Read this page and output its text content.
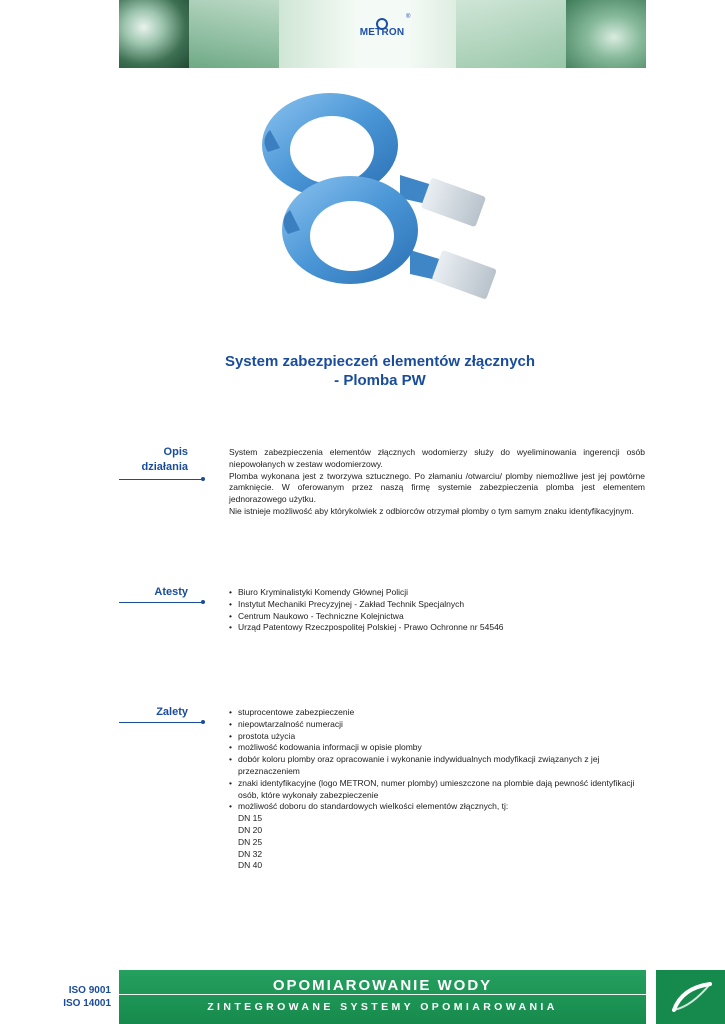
METRON
®
System zabezpieczeń elementów złącznych
- Plomba PW
Opis
działania

System zabezpieczenia elementów złącznych wodomierzy służy do wyeliminowania ingerencji osób niepowołanych w zestaw wodomierzowy.

Plomba wykonana jest z tworzywa sztucznego. Po złamaniu /otwarciu/ plomby niemożliwe jest jej powtórne zamknięcie. W oferowanym przez naszą firmę systemie zabezpieczenia plomba jest elementem jednorazowego użytku.

Nie istnieje możliwość aby którykolwiek z odbiorców otrzymał plomby o tym samym znaku identyfikacyjnym.

Atesty	• Biuro Kryminalistyki Komendy Głównej Policji
• Instytut Mechaniki Precyzyjnej - Zakład Technik Specjalnych
• Centrum Naukowo - Techniczne Kolejnictwa
• Urząd Patentowy Rzeczpospolitej Polskiej - Prawo Ochronne nr 54546
Zalety	• stuprocentowe zabezpieczenie
• niepowtarzalność numeracji
• prostota użycia
• możliwość kodowania informacji w opisie plomby
• dobór koloru plomby oraz opracowanie i wykonanie indywidualnych modyfikacji związanych z jej przeznaczeniem
• znaki identyfikacyjne (logo METRON, numer plomby) umieszczone na plombie dają pewność identyfikacji osób, które wykonały zabezpieczenie
• możliwość doboru do standardowych wielkości elementów złącznych, tj:
DN 15
DN 20
DN 25
DN 32
DN 40
ISO 9001
ISO 14001
OPOMIAROWANIE WODY
ZINTEGROWANE SYSTEMY OPOMIAROWANIA
